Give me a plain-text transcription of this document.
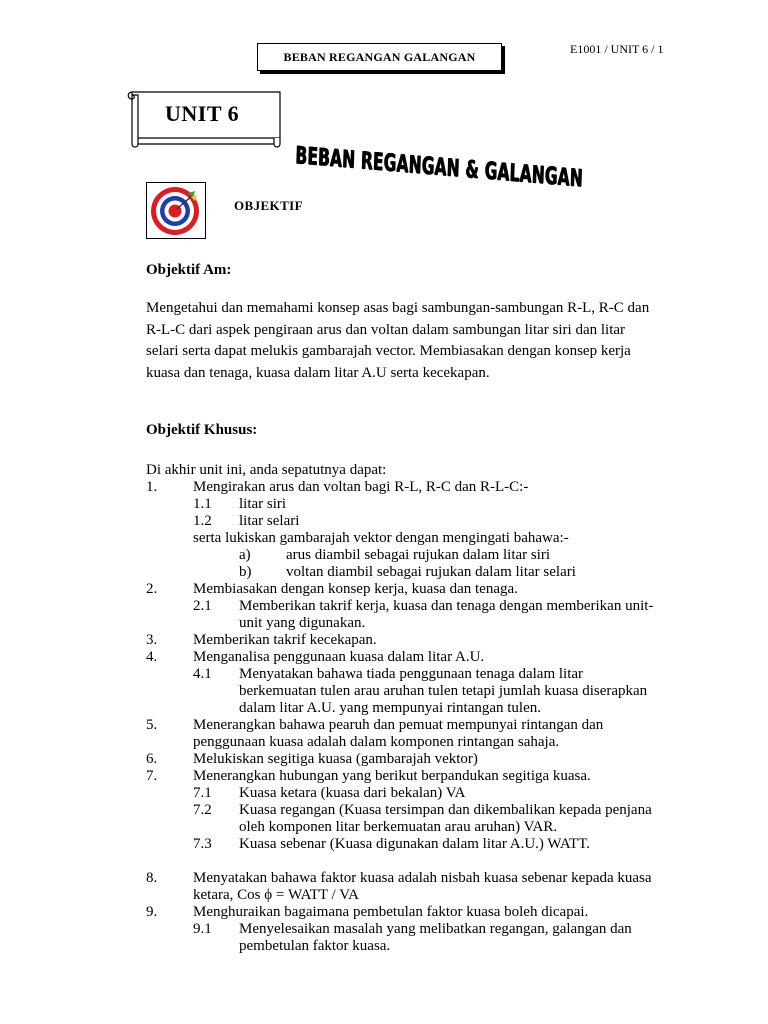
BEBAN REGANGAN GALANGAN
E1001 / UNIT 6 / 1
UNIT 6
BEBAN REGANGAN & GALANGAN
OBJEKTIF
Objektif Am:
Mengetahui dan memahami konsep asas bagi sambungan-sambungan R-L, R-C dan
R-L-C dari aspek pengiraan arus dan voltan dalam sambungan litar siri dan litar
selari serta dapat melukis gambarajah vector. Membiasakan dengan konsep kerja
kuasa dan tenaga, kuasa dalam litar A.U serta kecekapan.
Objektif Khusus:
Di akhir unit ini, anda sepatutnya dapat:
1. Mengirakan arus dan voltan bagi R-L, R-C dan R-L-C:-
1.1 litar siri
1.2 litar selari
serta lukiskan gambarajah vektor dengan mengingati bahawa:-
a) arus diambil sebagai rujukan dalam litar siri
b) voltan diambil sebagai rujukan dalam litar selari
2. Membiasakan dengan konsep kerja, kuasa dan tenaga.
2.1 Memberikan takrif kerja, kuasa dan tenaga dengan memberikan unit-
unit yang digunakan.
3. Memberikan takrif kecekapan.
4. Menganalisa penggunaan kuasa dalam litar A.U.
4.1 Menyatakan bahawa tiada penggunaan tenaga dalam litar
berkemuatan tulen arau aruhan tulen tetapi jumlah kuasa diserapkan
dalam litar A.U. yang mempunyai rintangan tulen.
5. Menerangkan bahawa pearuh dan pemuat mempunyai rintangan dan
penggunaan kuasa adalah dalam komponen rintangan sahaja.
6. Melukiskan segitiga kuasa (gambarajah vektor)
7. Menerangkan hubungan yang berikut berpandukan segitiga kuasa.
7.1 Kuasa ketara (kuasa dari bekalan) VA
7.2 Kuasa regangan (Kuasa tersimpan dan dikembalikan kepada penjana
oleh komponen litar berkemuatan arau aruhan) VAR.
7.3 Kuasa sebenar (Kuasa digunakan dalam litar A.U.) WATT.
8. Menyatakan bahawa faktor kuasa adalah nisbah kuasa sebenar kepada kuasa
ketara, Cos ϕ = WATT / VA
9. Menghuraikan bagaimana pembetulan faktor kuasa boleh dicapai.
9.1 Menyelesaikan masalah yang melibatkan regangan, galangan dan
pembetulan faktor kuasa.
